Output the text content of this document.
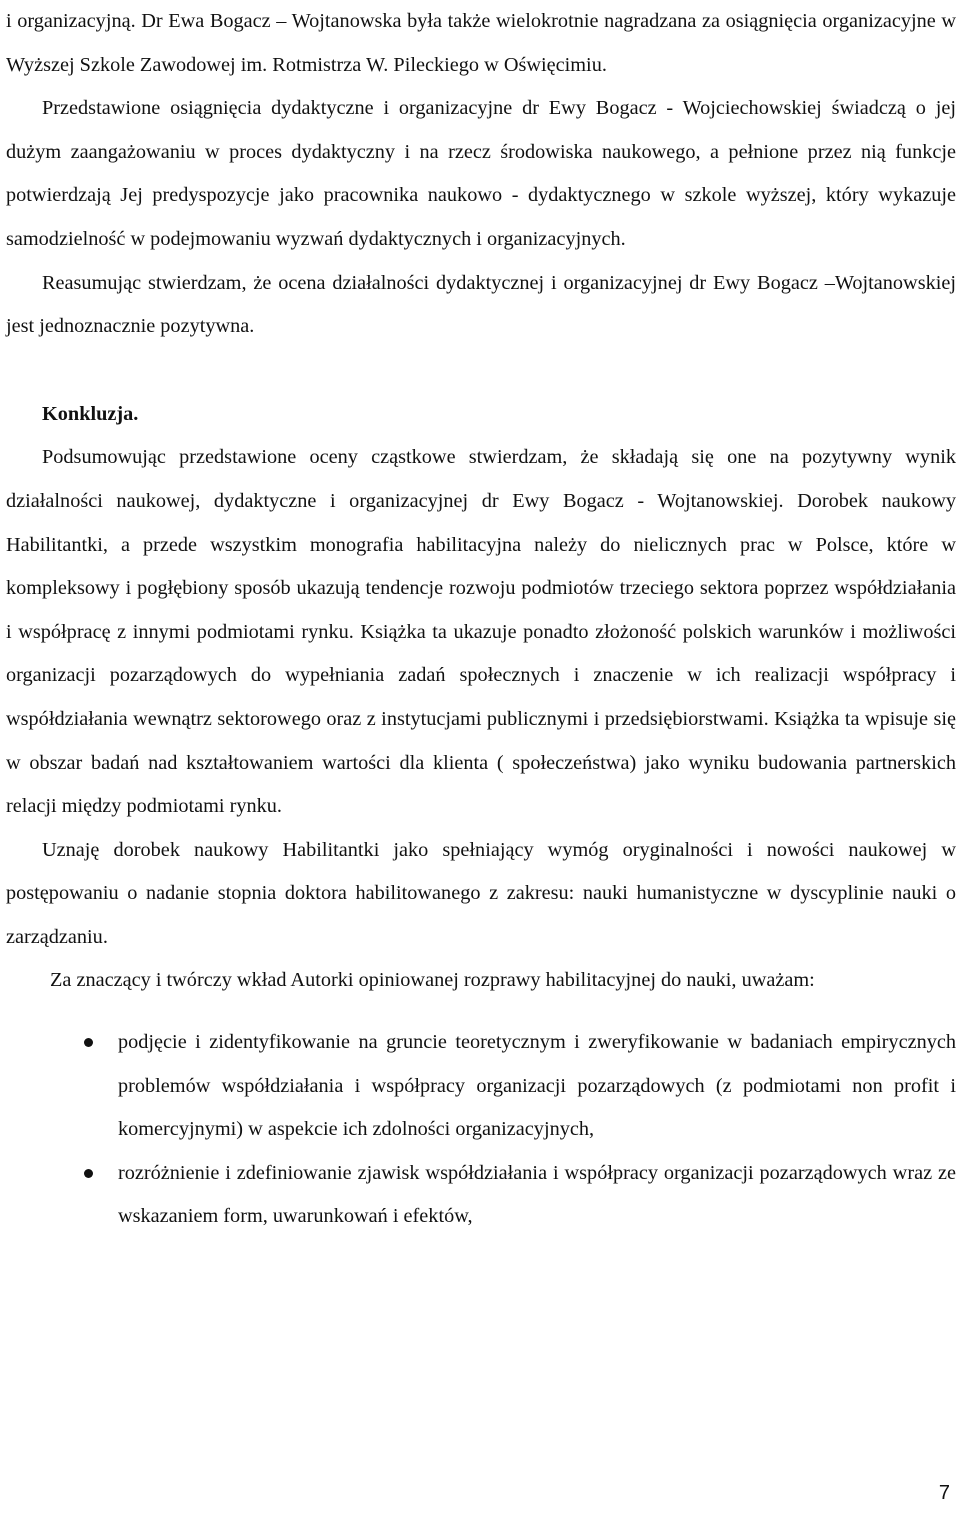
i organizacyjną. Dr Ewa Bogacz – Wojtanowska była także wielokrotnie nagradzana za osiągnięcia organizacyjne w Wyższej Szkole Zawodowej im. Rotmistrza W. Pileckiego w Oświęcimiu.

Przedstawione osiągnięcia dydaktyczne i organizacyjne dr Ewy Bogacz - Wojciechowskiej świadczą o jej dużym zaangażowaniu w proces dydaktyczny i na rzecz środowiska naukowego, a pełnione przez nią funkcje potwierdzają Jej predyspozycje jako pracownika naukowo - dydaktycznego w szkole wyższej, który wykazuje samodzielność w podejmowaniu wyzwań dydaktycznych i organizacyjnych.

Reasumując stwierdzam, że ocena działalności dydaktycznej i organizacyjnej dr Ewy Bogacz –Wojtanowskiej jest jednoznacznie pozytywna.

Konkluzja.

Podsumowując przedstawione oceny cząstkowe stwierdzam, że składają się one na pozytywny wynik działalności naukowej, dydaktyczne i organizacyjnej dr Ewy Bogacz - Wojtanowskiej. Dorobek naukowy Habilitantki, a przede wszystkim monografia habilitacyjna należy do nielicznych prac w Polsce, które w kompleksowy i pogłębiony sposób ukazują tendencje rozwoju podmiotów trzeciego sektora poprzez współdziałania i współpracę z innymi podmiotami rynku. Książka ta ukazuje ponadto złożoność polskich warunków i możliwości organizacji pozarządowych do wypełniania zadań społecznych i znaczenie w ich realizacji współpracy i współdziałania wewnątrz sektorowego oraz z instytucjami publicznymi i przedsiębiorstwami. Książka ta wpisuje się w obszar badań nad kształtowaniem wartości dla klienta ( społeczeństwa) jako wyniku budowania partnerskich relacji między podmiotami rynku.

Uznaję dorobek naukowy Habilitantki jako spełniający wymóg oryginalności i nowości naukowej w postępowaniu o nadanie stopnia doktora habilitowanego z zakresu: nauki humanistyczne w dyscyplinie nauki o zarządzaniu.

Za znaczący i twórczy wkład Autorki opiniowanej rozprawy habilitacyjnej do nauki, uważam:

podjęcie i zidentyfikowanie na gruncie teoretycznym i zweryfikowanie w badaniach empirycznych problemów współdziałania i współpracy organizacji pozarządowych (z podmiotami non profit i komercyjnymi) w aspekcie ich zdolności organizacyjnych,
rozróżnienie i zdefiniowanie zjawisk współdziałania i współpracy organizacji pozarządowych wraz ze wskazaniem form, uwarunkowań i efektów,
7
